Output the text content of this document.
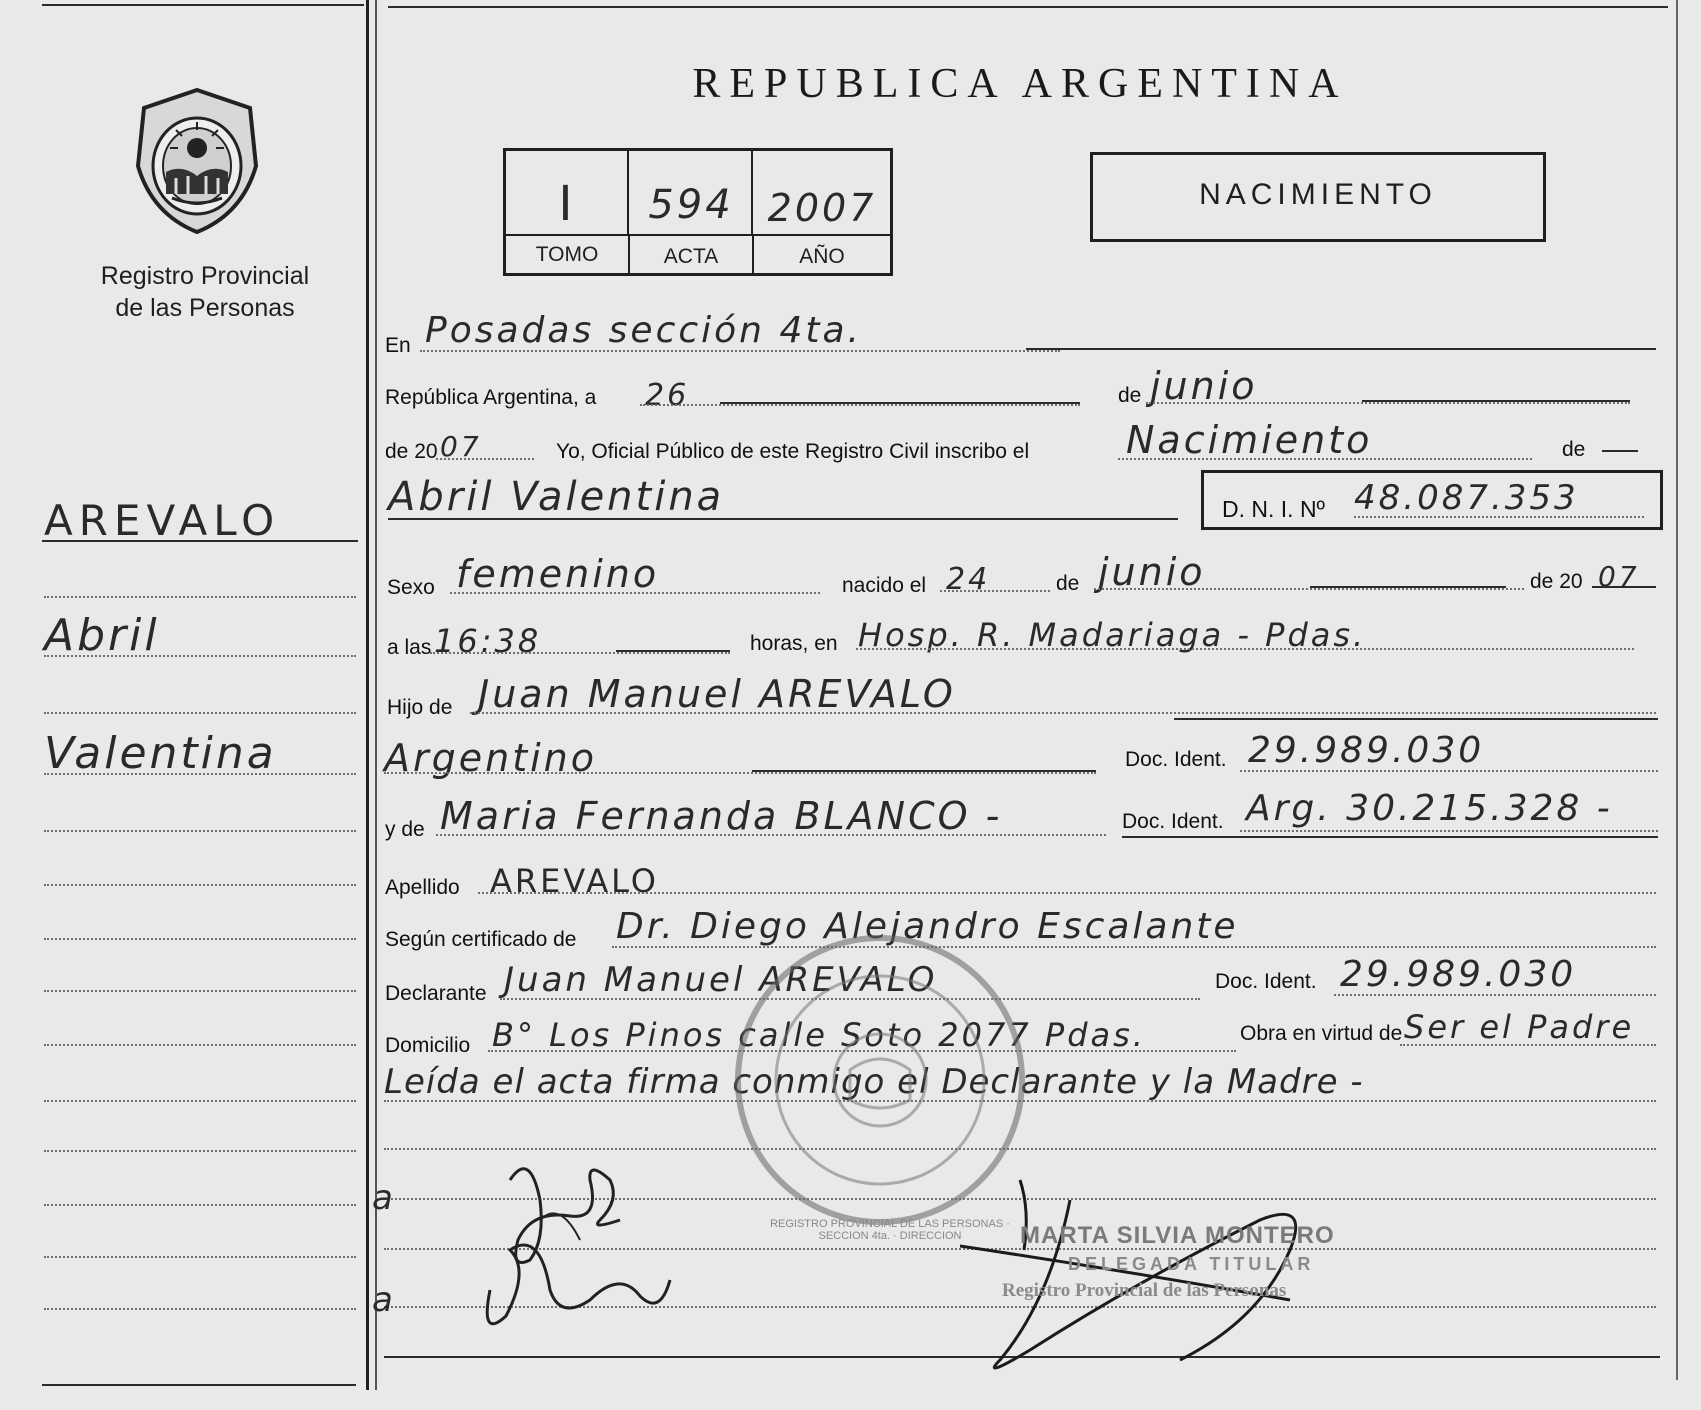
Registro Provincial
de las Personas
AREVALO
Abril
Valentina
REPUBLICA ARGENTINA
I	594 2007
TOMO	ACTA	AÑO
NACIMIENTO
En Posadas sección 4ta.
República Argentina, a 26	de junio
de 20 07	Yo, Oficial Público de este Registro Civil inscribo el	Nacimiento	de
Abril Valentina	D. N. I. Nº 48.087.353
Sexo femenino	nacido el 24	de junio	de 20 07
a las 16:38	horas, en Hosp. R. Madariaga - Pdas.
Hijo de Juan Manuel AREVALO
Argentino	Doc. Ident. 29.989.030
y de Maria Fernanda BLANCO -	Doc. Ident. Arg. 30.215.328 -
Apellido AREVALO
Según certificado de Dr. Diego Alejandro Escalante
Declarante Juan Manuel AREVALO	Doc. Ident. 29.989.030
Domicilio B° Los Pinos calle Soto 2077 Pdas.	Obra en virtud de Ser el Padre
Leída el acta firma conmigo el Declarante y la Madre -
a
a
REGISTRO PROVINCIAL DE LAS PERSONAS · SECCION 4ta. · DIRECCION	MARTA SILVIA MONTERO
DELEGADA TITULAR
Registro Provincial de las Personas
